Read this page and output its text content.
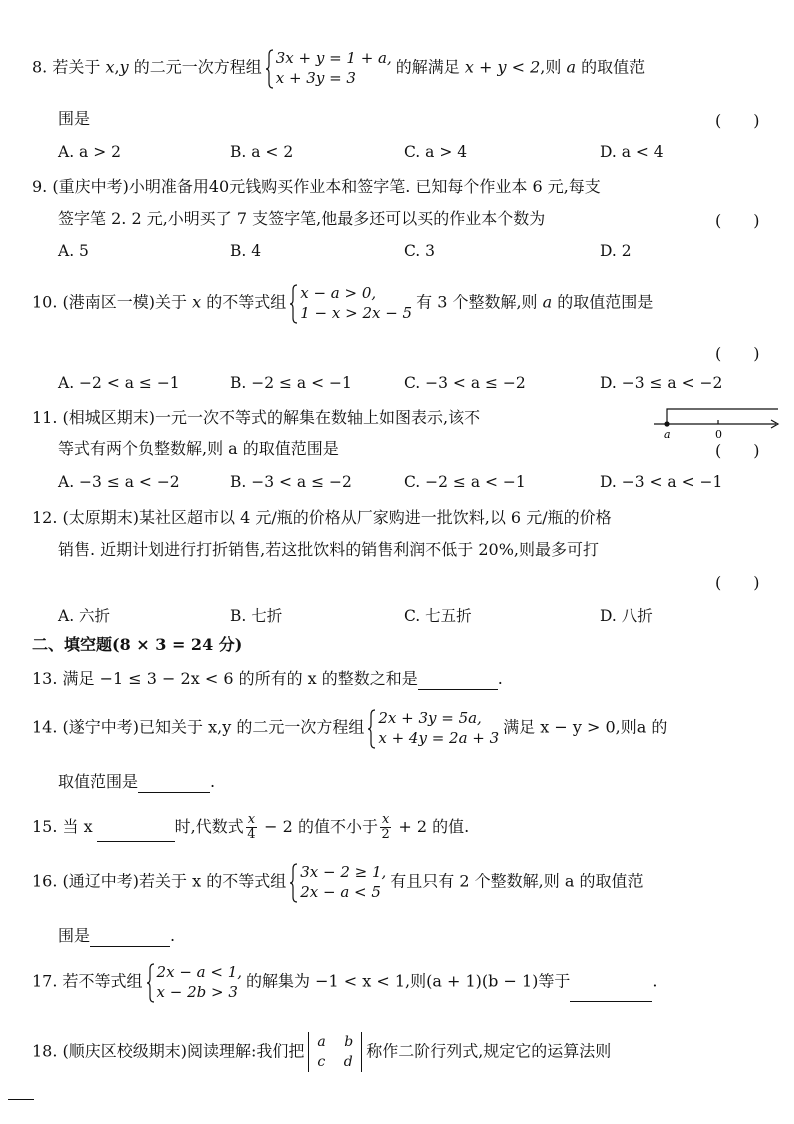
8. 若关于 x,y 的二元一次方程组 3x + y = 1 + a,
x + 3y = 3
的解满足 x + y < 2,则 a 的取值范
围是	(　　)
A. a > 2	B. a < 2	C. a > 4	D. a < 4
9. (重庆中考)小明准备用40元钱购买作业本和签字笔. 已知每个作业本 6 元,每支
签字笔 2. 2 元,小明买了 7 支签字笔,他最多还可以买的作业本个数为	(　　)
A. 5	B. 4	C. 3	D. 2
10. (港南区一模)关于 x 的不等式组 x − a > 0,
1 − x > 2x − 5
有 3 个整数解,则 a 的取值范围是
(　　)
A. −2 < a ≤ −1	B. −2 ≤ a < −1	C. −3 < a ≤ −2	D. −3 ≤ a < −2
11. (相城区期末)一元一次不等式的解集在数轴上如图表示,该不
等式有两个负整数解,则 a 的取值范围是
a	0
(　　)
A. −3 ≤ a < −2	B. −3 < a ≤ −2	C. −2 ≤ a < −1	D. −3 < a < −1
12. (太原期末)某社区超市以 4 元/瓶的价格从厂家购进一批饮料,以 6 元/瓶的价格
销售. 近期计划进行打折销售,若这批饮料的销售利润不低于 20%,则最多可打
(　　)
A. 六折	B. 七折	C. 七五折	D. 八折
二、填空题(8 × 3 = 24 分)
13. 满足 −1 ≤ 3 − 2x < 6 的所有的 x 的整数之和是	.
14. (遂宁中考)已知关于 x,y 的二元一次方程组 2x + 3y = 5a,
x + 4y = 2a + 3
满足 x − y > 0,则a 的
取值范围是	.
15. 当 x	时,代数式 $\frac{x}{4} - 2$ 的值不小于 $\frac{x}{2} + 2$ 的值.
16. (通辽中考)若关于 x 的不等式组 3x − 2 ≥ 1,
2x − a < 5
有且只有 2 个整数解,则 a 的取值范
围是	.
17. 若不等式组 2x − a < 1,
x − 2b > 3
的解集为 −1 < x < 1,则(a + 1)(b − 1)等于	.
18. (顺庆区校级期末)阅读理解:我们把 a b
c d
称作二阶行列式,规定它的运算法则
